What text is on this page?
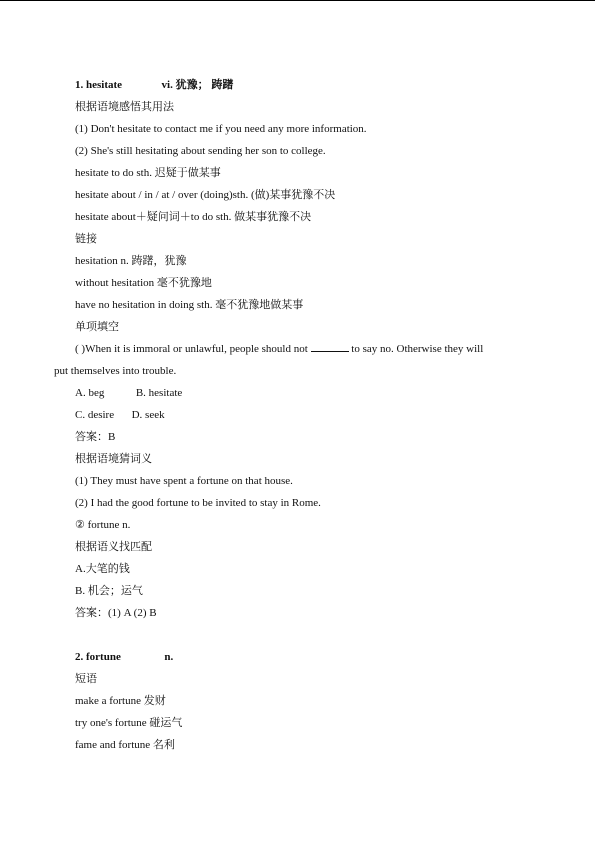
1. hesitate	vi. 犹豫； 踌躇
根据语境感悟其用法
(1) Don't hesitate to contact me if you need any more information.
(2) She's still hesitating about sending her son to college.
hesitate to do sth. 迟疑于做某事
hesitate about / in / at / over (doing)sth. (做)某事犹豫不决
hesitate about＋疑问词＋to do sth. 做某事犹豫不决
链接
hesitation n. 踌躇，犹豫
without hesitation 毫不犹豫地
have no hesitation in doing sth. 毫不犹豫地做某事
单项填空
( )When it is immoral or unlawful, people should not	to say no. Otherwise they will
put themselves into trouble.
A. beg	B. hesitate
C. desire D. seek
答案：B
根据语境猜词义
(1) They must have spent a fortune on that house.
(2) I had the good fortune to be invited to stay in Rome.
② fortune n.
根据语义找匹配
A.大笔的钱
B. 机会；运气
答案：(1) A (2) B
2. fortune	n.
短语
make a fortune 发财
try one's fortune 碰运气
fame and fortune 名利
